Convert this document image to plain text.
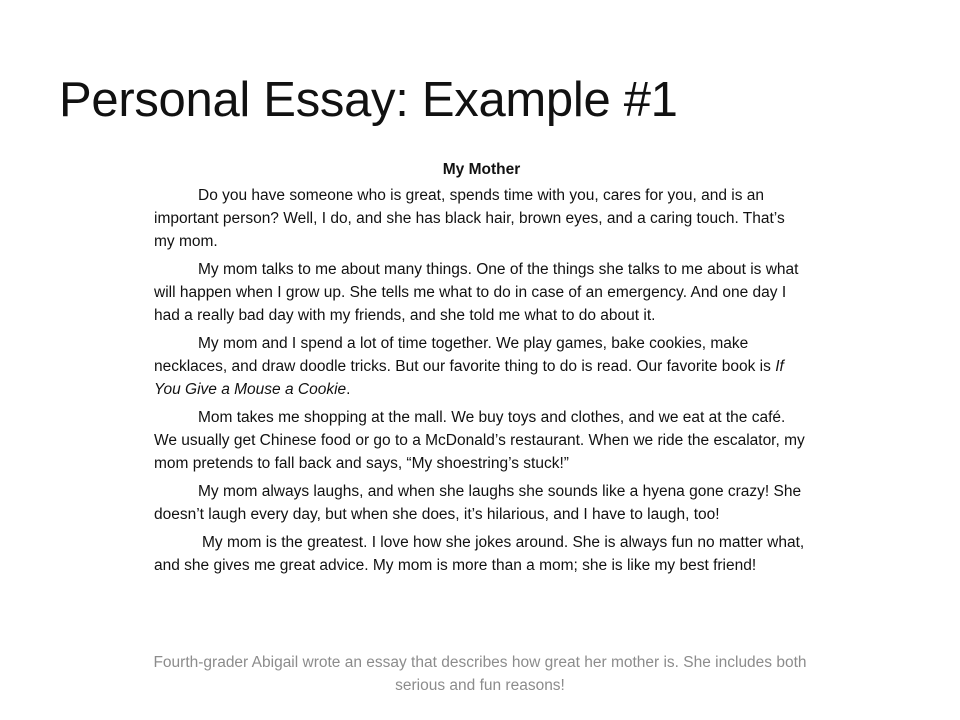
Personal Essay: Example #1
My Mother

Do you have someone who is great, spends time with you, cares for you, and is an important person? Well, I do, and she has black hair, brown eyes, and a caring touch. That’s my mom.

My mom talks to me about many things. One of the things she talks to me about is what will happen when I grow up. She tells me what to do in case of an emergency. And one day I had a really bad day with my friends, and she told me what to do about it.

My mom and I spend a lot of time together. We play games, bake cookies, make necklaces, and draw doodle tricks. But our favorite thing to do is read. Our favorite book is If You Give a Mouse a Cookie.

Mom takes me shopping at the mall. We buy toys and clothes, and we eat at the café. We usually get Chinese food or go to a McDonald’s restaurant. When we ride the escalator, my mom pretends to fall back and says, “My shoestring’s stuck!”

My mom always laughs, and when she laughs she sounds like a hyena gone crazy! She doesn’t laugh every day, but when she does, it’s hilarious, and I have to laugh, too!

My mom is the greatest. I love how she jokes around. She is always fun no matter what, and she gives me great advice. My mom is more than a mom; she is like my best friend!

Fourth-grader Abigail wrote an essay that describes how great her mother is. She includes both serious and fun reasons!
